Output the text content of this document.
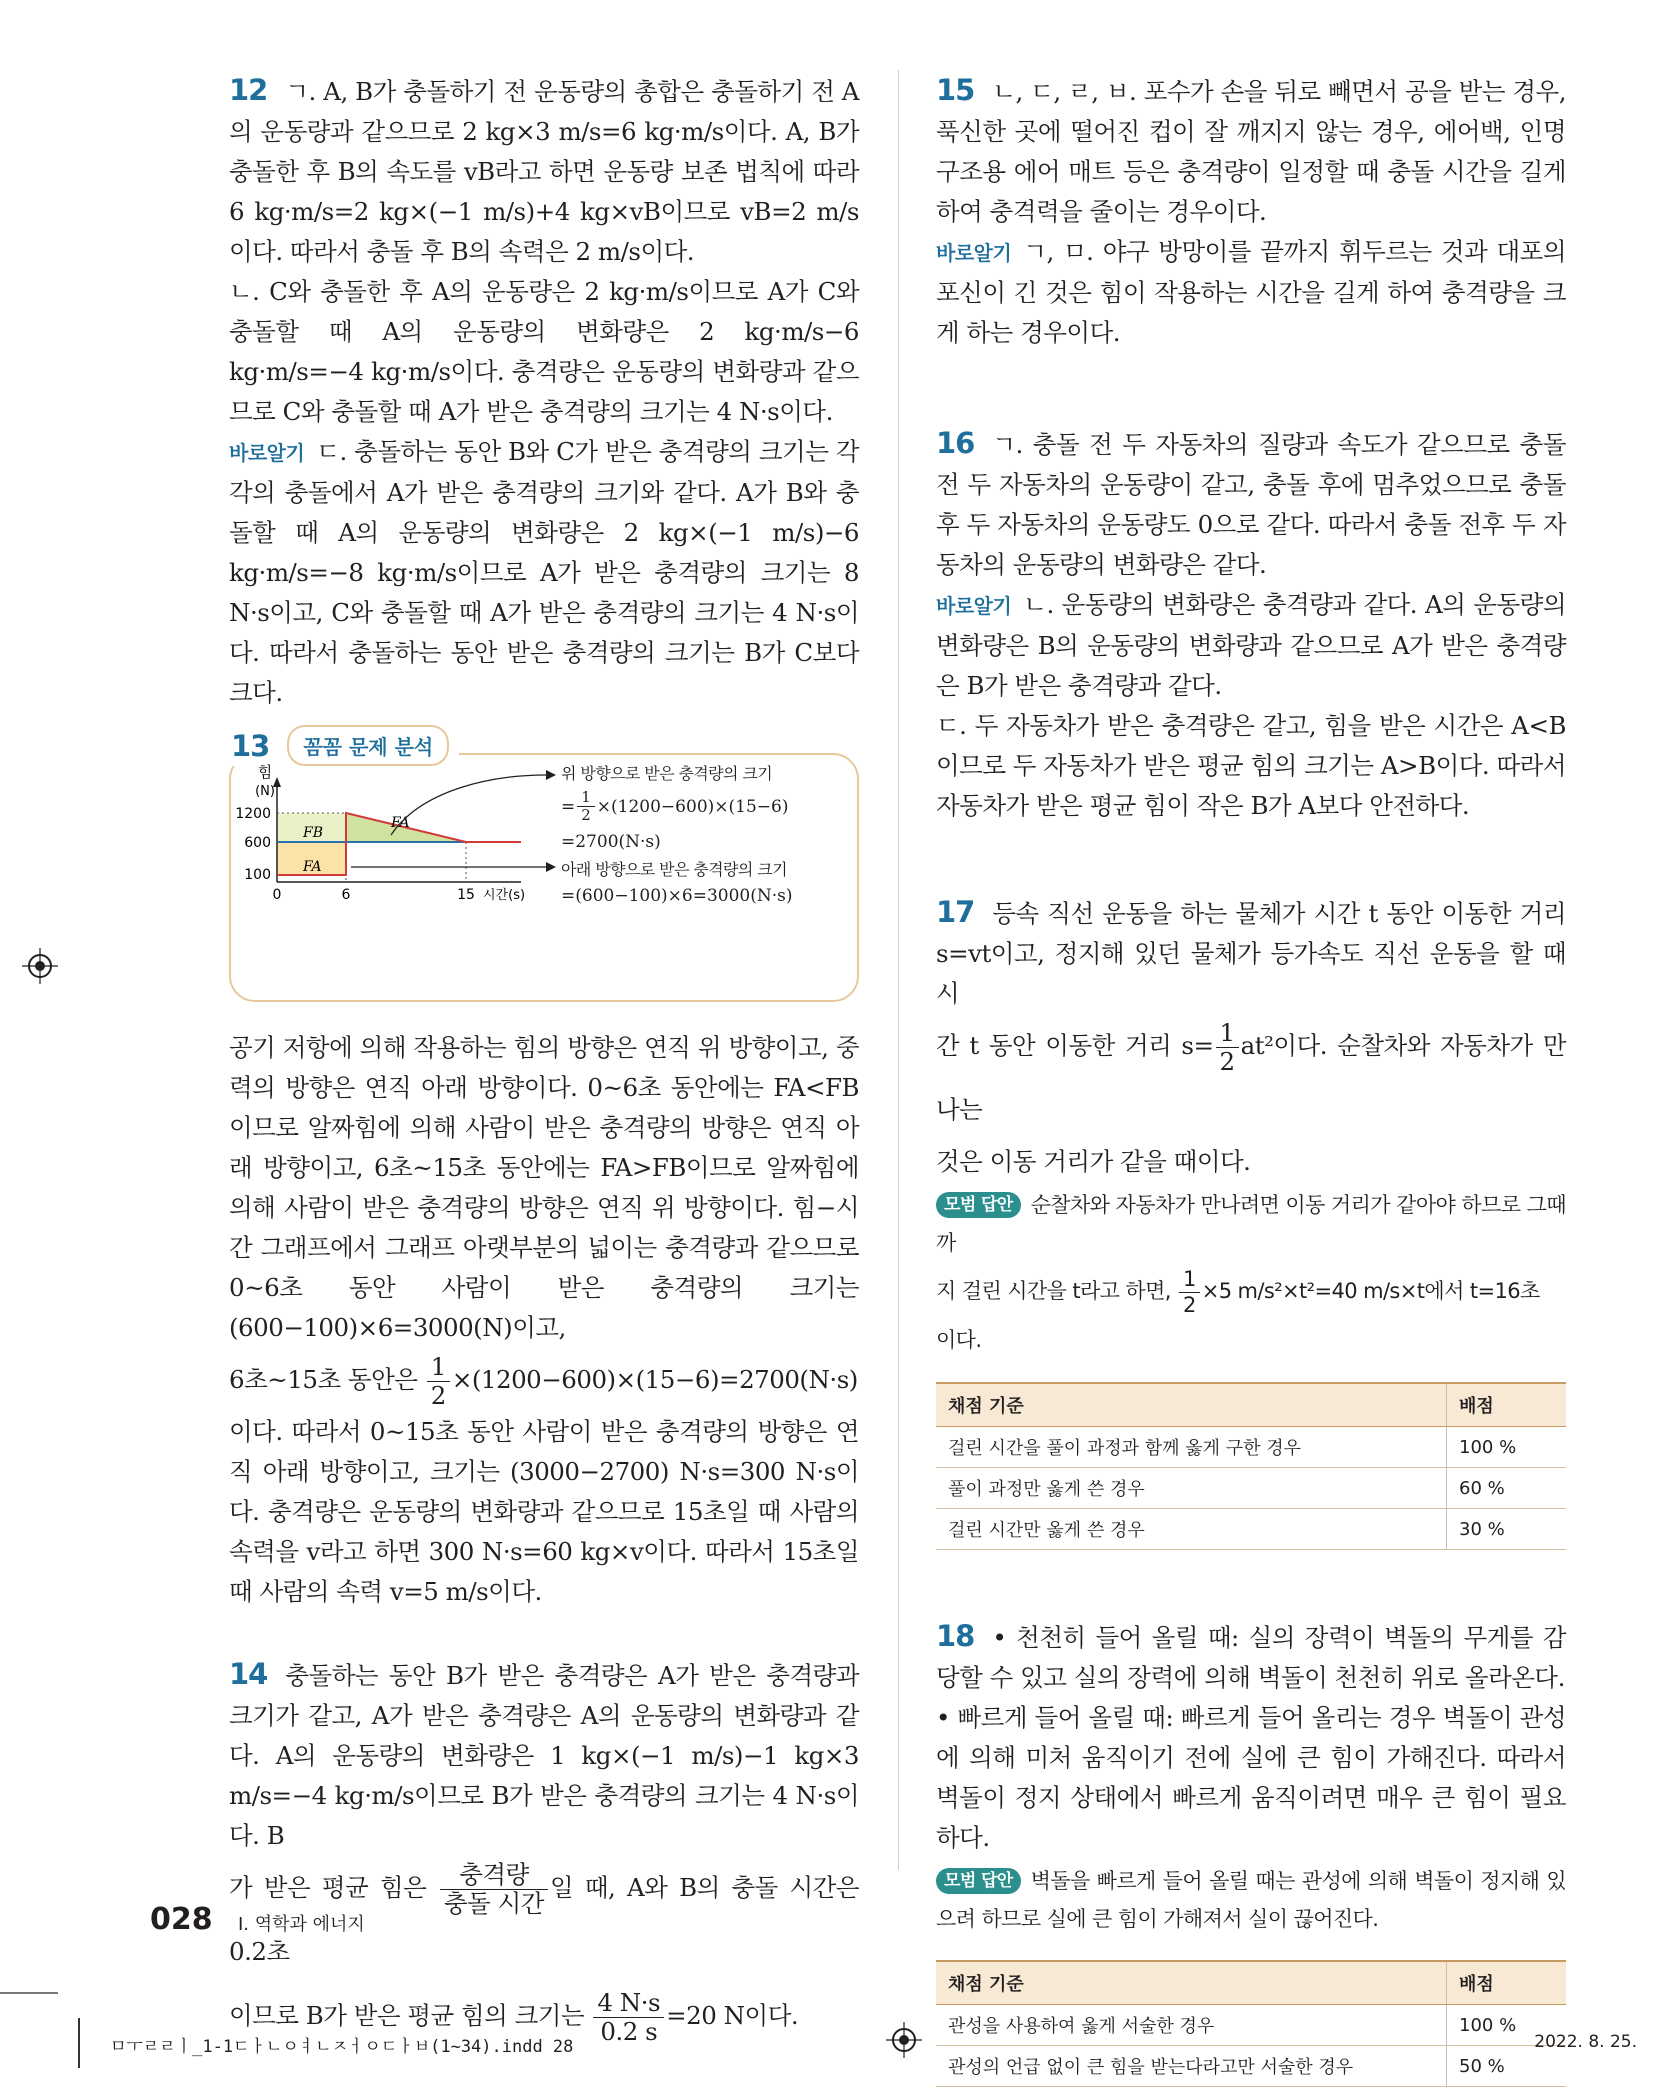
12 ㄱ. A, B가 충돌하기 전 운동량의 총합은 충돌하기 전 A의 운동량과 같으므로 2 kg×3 m/s=6 kg·m/s이다. A, B가 충돌한 후 B의 속도를 vB라고 하면 운동량 보존 법칙에 따라 6 kg·m/s=2 kg×(−1 m/s)+4 kg×vB이므로 vB=2 m/s이다. 따라서 충돌 후 B의 속력은 2 m/s이다.

ㄴ. C와 충돌한 후 A의 운동량은 2 kg·m/s이므로 A가 C와 충돌할 때 A의 운동량의 변화량은 2 kg·m/s−6 kg·m/s=−4 kg·m/s이다. 충격량은 운동량의 변화량과 같으므로 C와 충돌할 때 A가 받은 충격량의 크기는 4 N·s이다.

바로알기 ㄷ. 충돌하는 동안 B와 C가 받은 충격량의 크기는 각각의 충돌에서 A가 받은 충격량의 크기와 같다. A가 B와 충돌할 때 A의 운동량의 변화량은 2 kg×(−1 m/s)−6 kg·m/s=−8 kg·m/s이므로 A가 받은 충격량의 크기는 8 N·s이고, C와 충돌할 때 A가 받은 충격량의 크기는 4 N·s이다. 따라서 충돌하는 동안 받은 충격량의 크기는 B가 C보다 크다.

13	꼼꼼 문제 분석
힘
(N)
1200
600
100
0	6	15 시간(s)
FB
FA
FA
위 방향으로 받은 충격량의 크기
= $\frac{1}{2} \times(1200-600)\times(15-6)$
=2700(N·s)
아래 방향으로 받은 충격량의 크기
=(600−100)×6=3000(N·s)

공기 저항에 의해 작용하는 힘의 방향은 연직 위 방향이고, 중력의 방향은 연직 아래 방향이다. 0~6초 동안에는 FA<FB이므로 알짜힘에 의해 사람이 받은 충격량의 방향은 연직 아래 방향이고, 6초~15초 동안에는 FA>FB이므로 알짜힘에 의해 사람이 받은 충격량의 방향은 연직 위 방향이다. 힘−시간 그래프에서 그래프 아랫부분의 넓이는 충격량과 같으므로 0~6초 동안 사람이 받은 충격량의 크기는 (600−100)×6=3000(N)이고,

6초~15초 동안은 $\frac{1}{2} \times(1200-600)\times(15-6)=2700(N\cdot s)$

이다. 따라서 0~15초 동안 사람이 받은 충격량의 방향은 연직 아래 방향이고, 크기는 (3000−2700) N·s=300 N·s이다. 충격량은 운동량의 변화량과 같으므로 15초일 때 사람의 속력을 v라고 하면 300 N·s=60 kg×v이다. 따라서 15초일 때 사람의 속력 v=5 m/s이다.

14 충돌하는 동안 B가 받은 충격량은 A가 받은 충격량과 크기가 같고, A가 받은 충격량은 A의 운동량의 변화량과 같다. A의 운동량의 변화량은 1 kg×(−1 m/s)−1 kg×3 m/s=−4 kg·m/s이므로 B가 받은 충격량의 크기는 4 N·s이다. B

가 받은 평균 힘은 $\frac{\text{충격량}}{\text{충돌 시간}}$ 일 때, A와 B의 충돌 시간은 0.2초

이므로 B가 받은 평균 힘의 크기는 $\frac{4 N\cdot s}{0.2 s} =20$ N이다.

15 ㄴ, ㄷ, ㄹ, ㅂ. 포수가 손을 뒤로 빼면서 공을 받는 경우, 푹신한 곳에 떨어진 컵이 잘 깨지지 않는 경우, 에어백, 인명 구조용 에어 매트 등은 충격량이 일정할 때 충돌 시간을 길게 하여 충격력을 줄이는 경우이다.

바로알기 ㄱ, ㅁ. 야구 방망이를 끝까지 휘두르는 것과 대포의 포신이 긴 것은 힘이 작용하는 시간을 길게 하여 충격량을 크게 하는 경우이다.

16 ㄱ. 충돌 전 두 자동차의 질량과 속도가 같으므로 충돌 전 두 자동차의 운동량이 같고, 충돌 후에 멈추었으므로 충돌 후 두 자동차의 운동량도 0으로 같다. 따라서 충돌 전후 두 자동차의 운동량의 변화량은 같다.

바로알기 ㄴ. 운동량의 변화량은 충격량과 같다. A의 운동량의 변화량은 B의 운동량의 변화량과 같으므로 A가 받은 충격량은 B가 받은 충격량과 같다.

ㄷ. 두 자동차가 받은 충격량은 같고, 힘을 받은 시간은 A<B이므로 두 자동차가 받은 평균 힘의 크기는 A>B이다. 따라서 자동차가 받은 평균 힘이 작은 B가 A보다 안전하다.

17 등속 직선 운동을 하는 물체가 시간 t 동안 이동한 거리 s=vt이고, 정지해 있던 물체가 등가속도 직선 운동을 할 때 시

간 t 동안 이동한 거리 $s= \frac{1}{2} at^2$이다. 순찰차와 자동차가 만나는

것은 이동 거리가 같을 때이다.

모범 답안 순찰차와 자동차가 만나려면 이동 거리가 같아야 하므로 그때까

지 걸린 시간을 t라고 하면, $\frac{1}{2} \times 5$ m/s²×t²=40 m/s×t에서 t=16초

이다.

채점 기준	배점
걸린 시간을 풀이 과정과 함께 옳게 구한 경우	100 %
풀이 과정만 옳게 쓴 경우	60 %
걸린 시간만 옳게 쓴 경우	30 %

18 • 천천히 들어 올릴 때: 실의 장력이 벽돌의 무게를 감당할 수 있고 실의 장력에 의해 벽돌이 천천히 위로 올라온다.

• 빠르게 들어 올릴 때: 빠르게 들어 올리는 경우 벽돌이 관성에 의해 미처 움직이기 전에 실에 큰 힘이 가해진다. 따라서 벽돌이 정지 상태에서 빠르게 움직이려면 매우 큰 힘이 필요하다.

모범 답안 벽돌을 빠르게 들어 올릴 때는 관성에 의해 벽돌이 정지해 있으려 하므로 실에 큰 힘이 가해져서 실이 끊어진다.

채점 기준	배점
관성을 사용하여 옳게 서술한 경우	100 %
관성의 언급 없이 큰 힘을 받는다라고만 서술한 경우	50 %
028 I. 역학과 에너지
ㅁㅜㄹㄹㅣ_1-1ㄷㅏㄴㅇㅕㄴㅈㅓㅇㄷㅏㅂ(1~34).indd 28	2022. 8. 25.
